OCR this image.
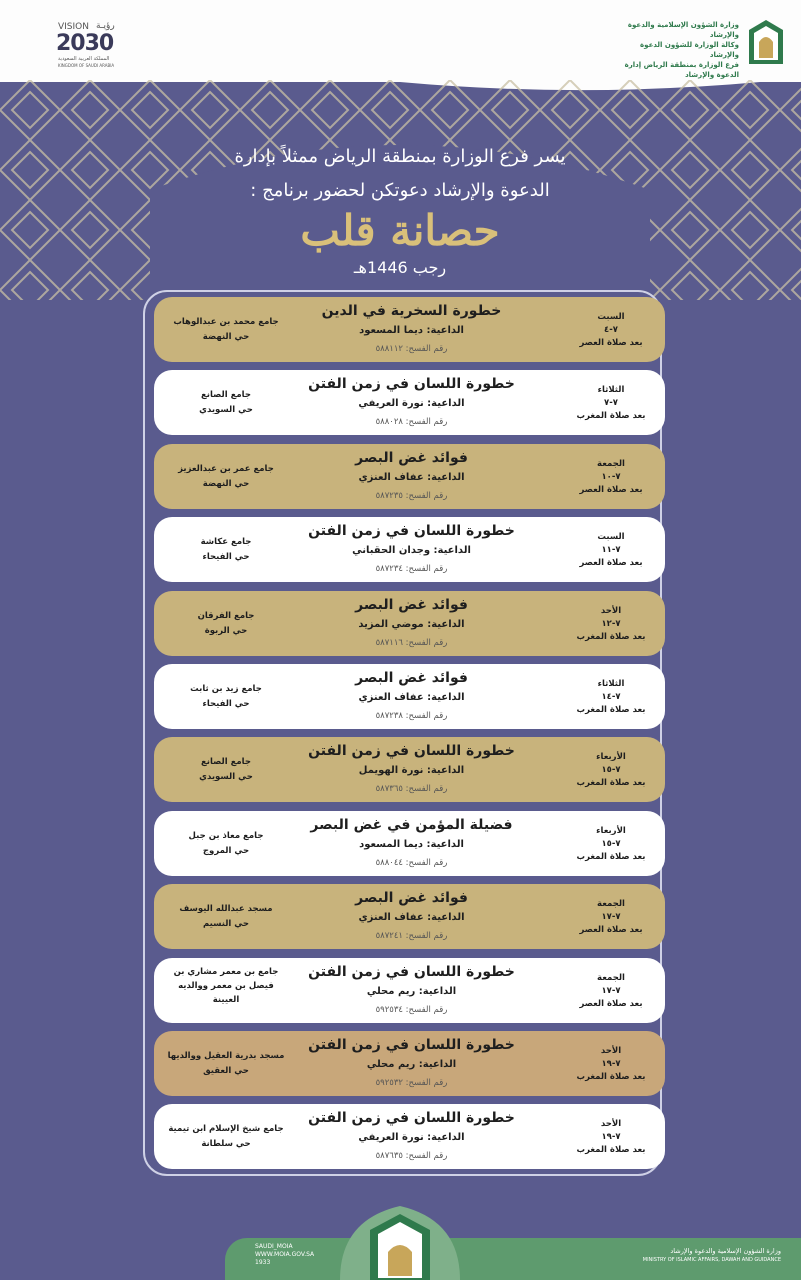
وزارة الشؤون الإسلامية والدعوة والإرشاد
وكالة الوزارة للشؤون الدعوة والإرشاد
فرع الوزارة بمنطقة الرياض إدارة الدعوة والإرشاد
VISION رؤيـة
2030
المملكة العربية السعودية
KINGDOM OF SAUDI ARABIA
يسر فرع الوزارة بمنطقة الرياض ممثلاً بإدارة
الدعوة والإرشاد دعوتكن لحضور برنامج :
حصانة قلب
رجب 1446هـ
السبت
٧-٤
بعد صلاة العصر
خطورة السخرية في الدين
الداعية: ديما المسعود
رقم الفسح: ٥٨٨١١٢
جامع محمد بن عبدالوهاب
حي النهضة
الثلاثاء
٧-٧
بعد صلاة المغرب
خطورة اللسان في زمن الفتن
الداعية: نورة العريفي
رقم الفسح: ٥٨٨٠٢٨
جامع الصانع
حي السويدي
الجمعة
٧-١٠
بعد صلاة العصر
فوائد غض البصر
الداعية: عفاف العنزي
رقم الفسح: ٥٨٧٢٣٥
جامع عمر بن عبدالعزيز
حي النهضة
السبت
٧-١١
بعد صلاة العصر
خطورة اللسان في زمن الفتن
الداعية: وجدان الحقباني
رقم الفسح: ٥٨٧٢٣٤
جامع عكاشة
حي الفيحاء
الأحد
٧-١٢
بعد صلاة المغرب
فوائد غض البصر
الداعية: موضي المزيد
رقم الفسح: ٥٨٧١١٦
جامع الفرقان
حي الربوة
الثلاثاء
٧-١٤
بعد صلاة المغرب
فوائد غض البصر
الداعية: عفاف العنزي
رقم الفسح: ٥٨٧٢٣٨
جامع زيد بن ثابت
حي الفيحاء
الأربعاء
٧-١٥
بعد صلاة المغرب
خطورة اللسان في زمن الفتن
الداعية: نورة الهويمل
رقم الفسح: ٥٨٧٣٦٥
جامع الصانع
حي السويدي
الأربعاء
٧-١٥
بعد صلاة المغرب
فضيلة المؤمن في غض البصر
الداعية: ديما المسعود
رقم الفسح: ٥٨٨٠٤٤
جامع معاذ بن جبل
حي المروج
الجمعة
٧-١٧
بعد صلاة العصر
فوائد غض البصر
الداعية: عفاف العنزي
رقم الفسح: ٥٨٧٢٤١
مسجد عبدالله اليوسف
حي النسيم
الجمعة
٧-١٧
بعد صلاة العصر
خطورة اللسان في زمن الفتن
الداعية: ريم محلي
رقم الفسح: ٥٩٢٥٣٤
جامع بن معمر مشاري بن
فيصل بن معمر ووالديه
العيينة
الأحد
٧-١٩
بعد صلاة المغرب
خطورة اللسان في زمن الفتن
الداعية: ريم محلي
رقم الفسح: ٥٩٢٥٣٢
مسجد بدرية العقيل ووالديها
حي العقيق
الأحد
٧-١٩
بعد صلاة المغرب
خطورة اللسان في زمن الفتن
الداعية: نورة العريفي
رقم الفسح: ٥٨٧٦٣٥
جامع شيخ الإسلام ابن تيمية
حي سلطانة
SAUDI_MOIA
WWW.MOIA.GOV.SA
1933
وزارة الشؤون الإسلامية والدعوة والإرشاد
MINISTRY OF ISLAMIC AFFAIRS, DAWAH AND GUIDANCE
